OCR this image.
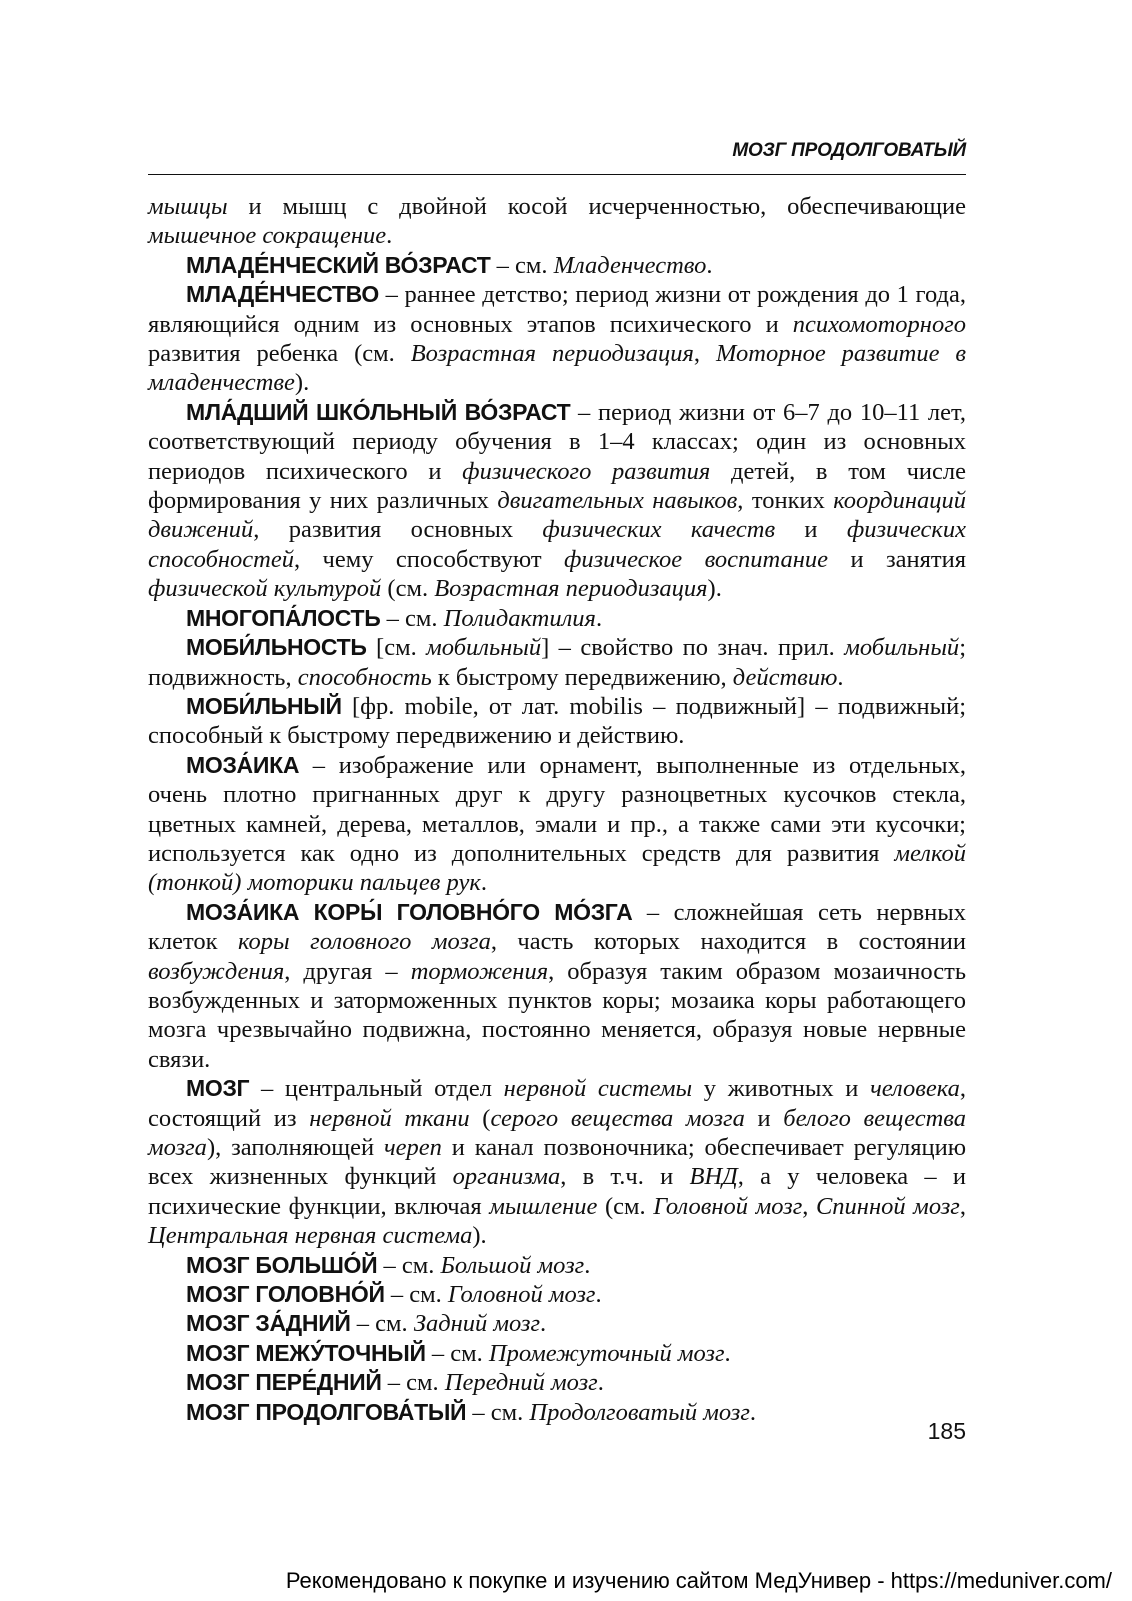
МОЗГ ПРОДОЛГОВАТЫЙ

мышцы и мышц с двойной косой исчерченностью, обеспечивающие мышечное сокращение.

МЛАДЕ́НЧЕСКИЙ ВО́ЗРАСТ – см. Младенчество.

МЛАДЕ́НЧЕСТВО – раннее детство; период жизни от рождения до 1 года, являющийся одним из основных этапов психического и психомоторного развития ребенка (см. Возрастная периодизация, Моторное развитие в младенчестве).

МЛА́ДШИЙ ШКО́ЛЬНЫЙ ВО́ЗРАСТ – период жизни от 6–7 до 10–11 лет, соответствующий периоду обучения в 1–4 классах; один из основных периодов психического и физического развития детей, в том числе формирования у них различных двигательных навыков, тонких координаций движений, развития основных физических качеств и физических способностей, чему способствуют физическое воспитание и занятия физической культурой (см. Возрастная периодизация).

МНОГОПА́ЛОСТЬ – см. Полидактилия.

МОБИ́ЛЬНОСТЬ [см. мобильный] – свойство по знач. прил. мобильный; подвижность, способность к быстрому передвижению, действию.

МОБИ́ЛЬНЫЙ [фр. mobile, от лат. mobilis – подвижный] – подвижный; способный к быстрому передвижению и действию.

МОЗА́ИКА – изображение или орнамент, выполненные из отдельных, очень плотно пригнанных друг к другу разноцветных кусочков стекла, цветных камней, дерева, металлов, эмали и пр., а также сами эти кусочки; используется как одно из дополнительных средств для развития мелкой (тонкой) моторики пальцев рук.

МОЗА́ИКА КОРЫ́ ГОЛОВНО́ГО МО́ЗГА – сложнейшая сеть нервных клеток коры головного мозга, часть которых находится в состоянии возбуждения, другая – торможения, образуя таким образом мозаичность возбужденных и заторможенных пунктов коры; мозаика коры работающего мозга чрезвычайно подвижна, постоянно меняется, образуя новые нервные связи.

МОЗГ – центральный отдел нервной системы у животных и человека, состоящий из нервной ткани (серого вещества мозга и белого вещества мозга), заполняющей череп и канал позвоночника; обеспечивает регуляцию всех жизненных функций организма, в т.ч. и ВНД, а у человека – и психические функции, включая мышление (см. Головной мозг, Спинной мозг, Центральная нервная система).

МОЗГ БОЛЬШО́Й – см. Большой мозг.

МОЗГ ГОЛОВНО́Й – см. Головной мозг.

МОЗГ ЗА́ДНИЙ – см. Задний мозг.

МОЗГ МЕЖУ́ТОЧНЫЙ – см. Промежуточный мозг.

МОЗГ ПЕРЕ́ДНИЙ – см. Передний мозг.

МОЗГ ПРОДОЛГОВА́ТЫЙ – см. Продолговатый мозг.

185
Рекомендовано к покупке и изучению сайтом МедУнивер - https://meduniver.com/
